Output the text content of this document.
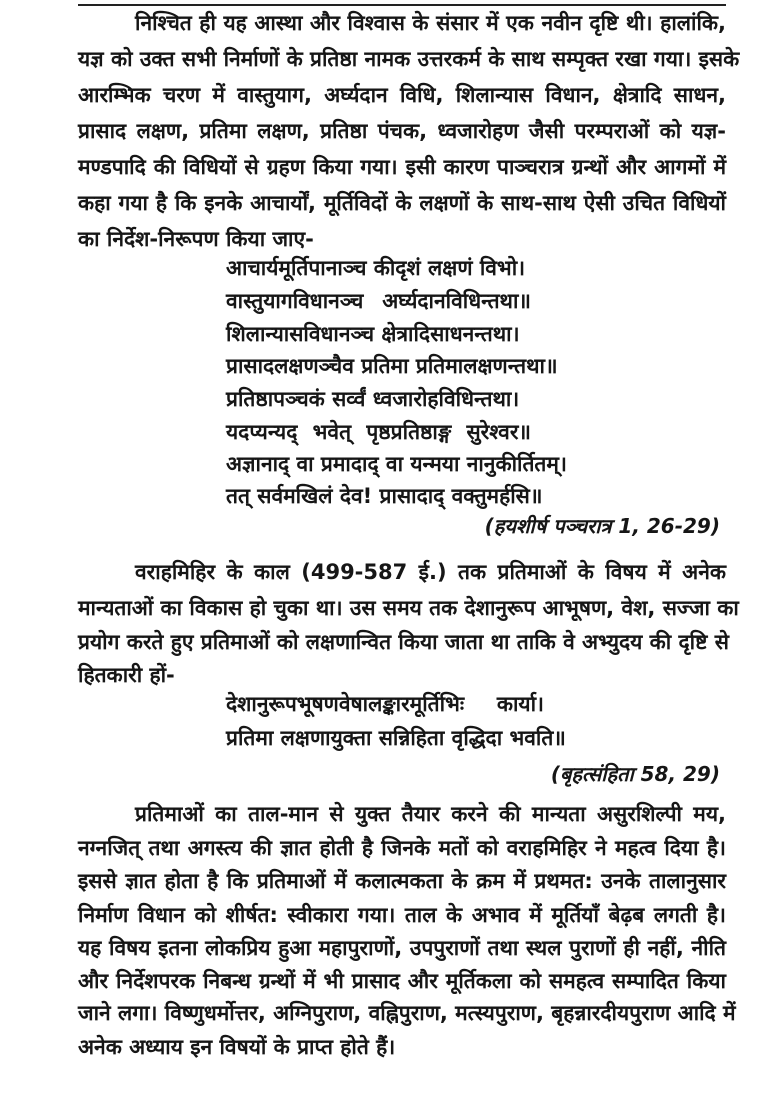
निश्चित ही यह आस्था और विश्वास के संसार में एक नवीन दृष्टि थी। हालांकि,
यज्ञ को उक्त सभी निर्माणों के प्रतिष्ठा नामक उत्तरकर्म के साथ सम्पृक्त रखा गया। इसके
आरम्भिक चरण में वास्तुयाग, अर्घ्यदान विधि, शिलान्यास विधान, क्षेत्रादि साधन,
प्रासाद लक्षण, प्रतिमा लक्षण, प्रतिष्ठा पंचक, ध्वजारोहण जैसी परम्पराओं को यज्ञ-
मण्डपादि की विधियों से ग्रहण किया गया। इसी कारण पाञ्चरात्र ग्रन्थों और आगमों में
कहा गया है कि इनके आचार्यों, मूर्तिविदों के लक्षणों के साथ-साथ ऐसी उचित विधियों
का निर्देश-निरूपण किया जाए-
वराहमिहिर के काल (499-587 ई.) तक प्रतिमाओं के विषय में अनेक
मान्यताओं का विकास हो चुका था। उस समय तक देशानुरूप आभूषण, वेश, सज्जा का
प्रयोग करते हुए प्रतिमाओं को लक्षणान्वित किया जाता था ताकि वे अभ्युदय की दृष्टि से
हितकारी हों-
प्रतिमाओं का ताल-मान से युक्त तैयार करने की मान्यता असुरशिल्पी मय,
नग्नजित् तथा अगस्त्य की ज्ञात होती है जिनके मतों को वराहमिहिर ने महत्व दिया है।
इससे ज्ञात होता है कि प्रतिमाओं में कलात्मकता के क्रम में प्रथमत: उनके तालानुसार
निर्माण विधान को शीर्षत: स्वीकारा गया। ताल के अभाव में मूर्तियाँ बेढ़ब लगती है।
यह विषय इतना लोकप्रिय हुआ महापुराणों, उपपुराणों तथा स्थल पुराणों ही नहीं, नीति
और निर्देशपरक निबन्ध ग्रन्थों में भी प्रासाद और मूर्तिकला को समहत्व सम्पादित किया
जाने लगा। विष्णुधर्मोत्तर, अग्निपुराण, वह्निपुराण, मत्स्यपुराण, बृहन्नारदीयपुराण आदि में
अनेक अध्याय इन विषयों के प्राप्त होते हैं।
आचार्यमूर्तिपानाञ्च कीदृशं लक्षणं विभो।
वास्तुयागविधानञ्च अर्घ्यदानविधिन्तथा॥
शिलान्यासविधानञ्च क्षेत्रादिसाधनन्तथा।
प्रासादलक्षणञ्चैव प्रतिमा प्रतिमालक्षणन्तथा॥
प्रतिष्ठापञ्चकं सर्व्वं ध्वजारोहविधिन्तथा।
यदप्यन्यद् भवेत् पृष्ठप्रतिष्ठाङ्ग सुरेश्वर॥
अज्ञानाद् वा प्रमादाद् वा यन्मया नानुकीर्तितम्।
तत् सर्वमखिलं देव! प्रासादाद् वक्तुमर्हसि॥
(हयशीर्ष पञ्चरात्र 1, 26-29)
देशानुरूपभूषणवेषालङ्कारमूर्तिभिः कार्या।
प्रतिमा लक्षणायुक्ता सन्निहिता वृद्धिदा भवति॥
(बृहत्संहिता 58, 29)
